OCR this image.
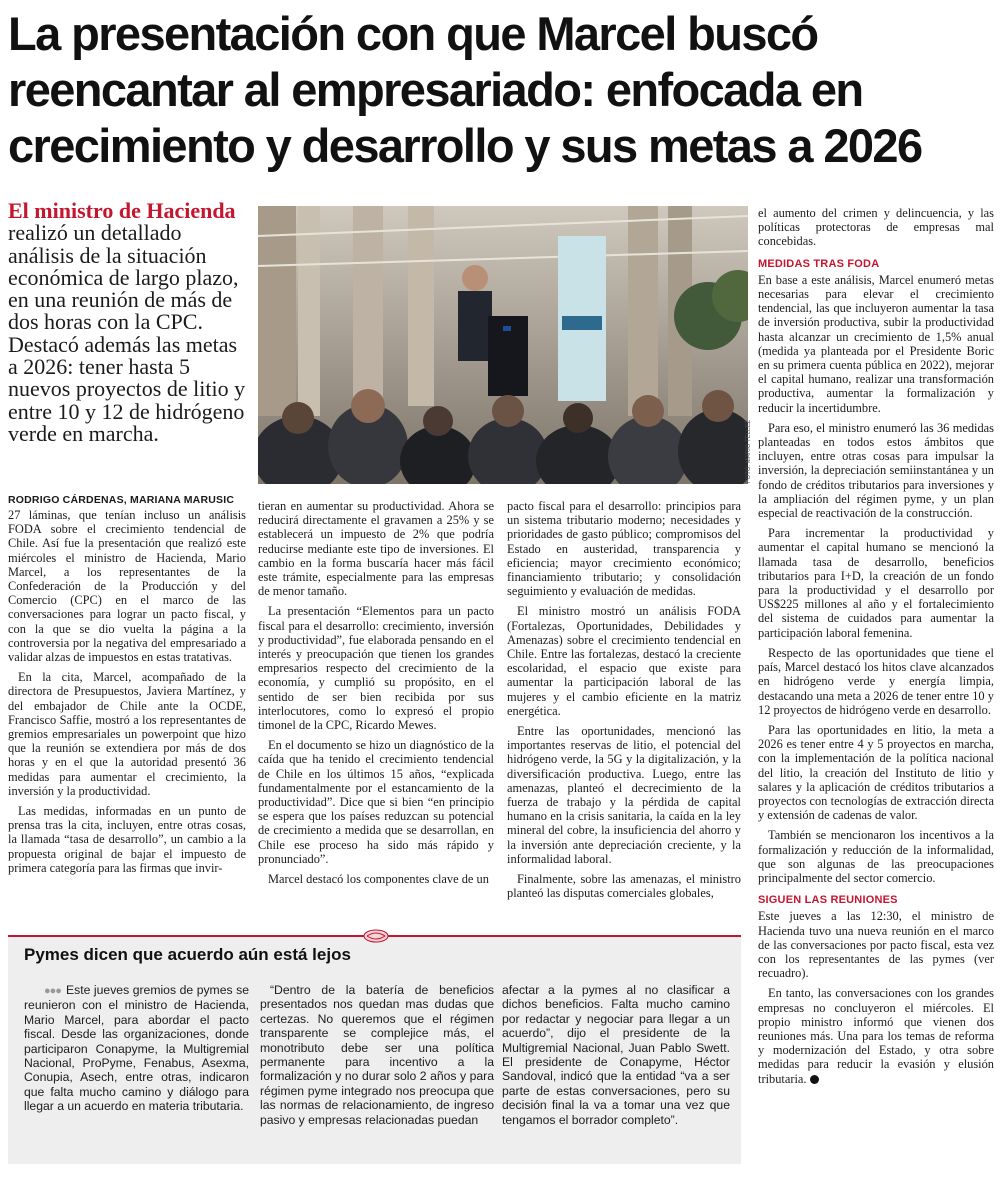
La presentación con que Marcel buscó reencantar al empresariado: enfocada en crecimiento y desarrollo y sus metas a 2026
El ministro de Hacienda
realizó un detallado análisis de la situación económica de largo plazo, en una reunión de más de dos horas con la CPC. Destacó además las metas a 2026: tener hasta 5 nuevos proyectos de litio y entre 10 y 12 de hidrógeno verde en marcha.	FOTO: MARIO TÉLLEZ
RODRIGO CÁRDENAS, MARIANA MARUSIC

27 láminas, que tenían incluso un análisis FODA sobre el crecimiento tendencial de Chile. Así fue la presentación que realizó este miércoles el ministro de Hacienda, Mario Marcel, a los representantes de la Confederación de la Producción y del Comercio (CPC) en el marco de las conversaciones para lograr un pacto fiscal, y con la que se dio vuelta la página a la controversia por la negativa del empresariado a validar alzas de impuestos en estas tratativas.

En la cita, Marcel, acompañado de la directora de Presupuestos, Javiera Martínez, y del embajador de Chile ante la OCDE, Francisco Saffie, mostró a los representantes de gremios empresariales un powerpoint que hizo que la reunión se extendiera por más de dos horas y en el que la autoridad presentó 36 medidas para aumentar el crecimiento, la inversión y la productividad.

Las medidas, informadas en un punto de prensa tras la cita, incluyen, entre otras cosas, la llamada “tasa de desarrollo”, un cambio a la propuesta original de bajar el impuesto de primera categoría para las firmas que invir-

tieran en aumentar su productividad. Ahora se reducirá directamente el gravamen a 25% y se establecerá un impuesto de 2% que podría reducirse mediante este tipo de inversiones. El cambio en la forma buscaría hacer más fácil este trámite, especialmente para las empresas de menor tamaño.

La presentación “Elementos para un pacto fiscal para el desarrollo: crecimiento, inversión y productividad”, fue elaborada pensando en el interés y preocupación que tienen los grandes empresarios respecto del crecimiento de la economía, y cumplió su propósito, en el sentido de ser bien recibida por sus interlocutores, como lo expresó el propio timonel de la CPC, Ricardo Mewes.

En el documento se hizo un diagnóstico de la caída que ha tenido el crecimiento tendencial de Chile en los últimos 15 años, “explicada fundamentalmente por el estancamiento de la productividad”. Dice que si bien “en principio se espera que los países reduzcan su potencial de crecimiento a medida que se desarrollan, en Chile ese proceso ha sido más rápido y pronunciado”.

Marcel destacó los componentes clave de un

pacto fiscal para el desarrollo: principios para un sistema tributario moderno; necesidades y prioridades de gasto público; compromisos del Estado en austeridad, transparencia y eficiencia; mayor crecimiento económico; financiamiento tributario; y consolidación seguimiento y evaluación de medidas.

El ministro mostró un análisis FODA (Fortalezas, Oportunidades, Debilidades y Amenazas) sobre el crecimiento tendencial en Chile. Entre las fortalezas, destacó la creciente escolaridad, el espacio que existe para aumentar la participación laboral de las mujeres y el cambio eficiente en la matriz energética.

Entre las oportunidades, mencionó las importantes reservas de litio, el potencial del hidrógeno verde, la 5G y la digitalización, y la diversificación productiva. Luego, entre las amenazas, planteó el decrecimiento de la fuerza de trabajo y la pérdida de capital humano en la crisis sanitaria, la caída en la ley mineral del cobre, la insuficiencia del ahorro y la inversión ante depreciación creciente, y la informalidad laboral.

Finalmente, sobre las amenazas, el ministro planteó las disputas comerciales globales,

el aumento del crimen y delincuencia, y las políticas protectoras de empresas mal concebidas.

MEDIDAS TRAS FODA

En base a este análisis, Marcel enumeró metas necesarias para elevar el crecimiento tendencial, las que incluyeron aumentar la tasa de inversión productiva, subir la productividad hasta alcanzar un crecimiento de 1,5% anual (medida ya planteada por el Presidente Boric en su primera cuenta pública en 2022), mejorar el capital humano, realizar una transformación productiva, aumentar la formalización y reducir la incertidumbre.

Para eso, el ministro enumeró las 36 medidas planteadas en todos estos ámbitos que incluyen, entre otras cosas para impulsar la inversión, la depreciación semiinstantánea y un fondo de créditos tributarios para inversiones y la ampliación del régimen pyme, y un plan especial de reactivación de la construcción.

Para incrementar la productividad y aumentar el capital humano se mencionó la llamada tasa de desarrollo, beneficios tributarios para I+D, la creación de un fondo para la productividad y el desarrollo por US$225 millones al año y el fortalecimiento del sistema de cuidados para aumentar la participación laboral femenina.

Respecto de las oportunidades que tiene el país, Marcel destacó los hitos clave alcanzados en hidrógeno verde y energía limpia, destacando una meta a 2026 de tener entre 10 y 12 proyectos de hidrógeno verde en desarrollo.

Para las oportunidades en litio, la meta a 2026 es tener entre 4 y 5 proyectos en marcha, con la implementación de la política nacional del litio, la creación del Instituto de litio y salares y la aplicación de créditos tributarios a proyectos con tecnologías de extracción directa y extensión de cadenas de valor.

También se mencionaron los incentivos a la formalización y reducción de la informalidad, que son algunas de las preocupaciones principalmente del sector comercio.

SIGUEN LAS REUNIONES

Este jueves a las 12:30, el ministro de Hacienda tuvo una nueva reunión en el marco de las conversaciones por pacto fiscal, esta vez con los representantes de las pymes (ver recuadro).

En tanto, las conversaciones con los grandes empresas no concluyeron el miércoles. El propio ministro informó que vienen dos reuniones más. Una para los temas de reforma y modernización del Estado, y otra sobre medidas para reducir la evasión y elusión tributaria.

Pymes dicen que acuerdo aún está lejos

●●● Este jueves gremios de pymes se reunieron con el ministro de Hacienda, Mario Marcel, para abordar el pacto fiscal. Desde las organizaciones, donde participaron Conapyme, la Multigremial Nacional, ProPyme, Fenabus, Asexma, Conupia, Asech, entre otras, indicaron que falta mucho camino y diálogo para llegar a un acuerdo en materia tributaria.

“Dentro de la batería de beneficios presentados nos quedan mas dudas que certezas. No queremos que el régimen transparente se complejice más, el monotributo debe ser una política permanente para incentivo a la formalización y no durar solo 2 años y para régimen pyme integrado nos preocupa que las normas de relacionamiento, de ingreso pasivo y empresas relacionadas puedan

afectar a la pymes al no clasificar a dichos beneficios. Falta mucho camino por redactar y negociar para llegar a un acuerdo”, dijo el presidente de la Multigremial Nacional, Juan Pablo Swett. El presidente de Conapyme, Héctor Sandoval, indicó que la entidad “va a ser parte de estas conversaciones, pero su decisión final la va a tomar una vez que tengamos el borrador completo”.
